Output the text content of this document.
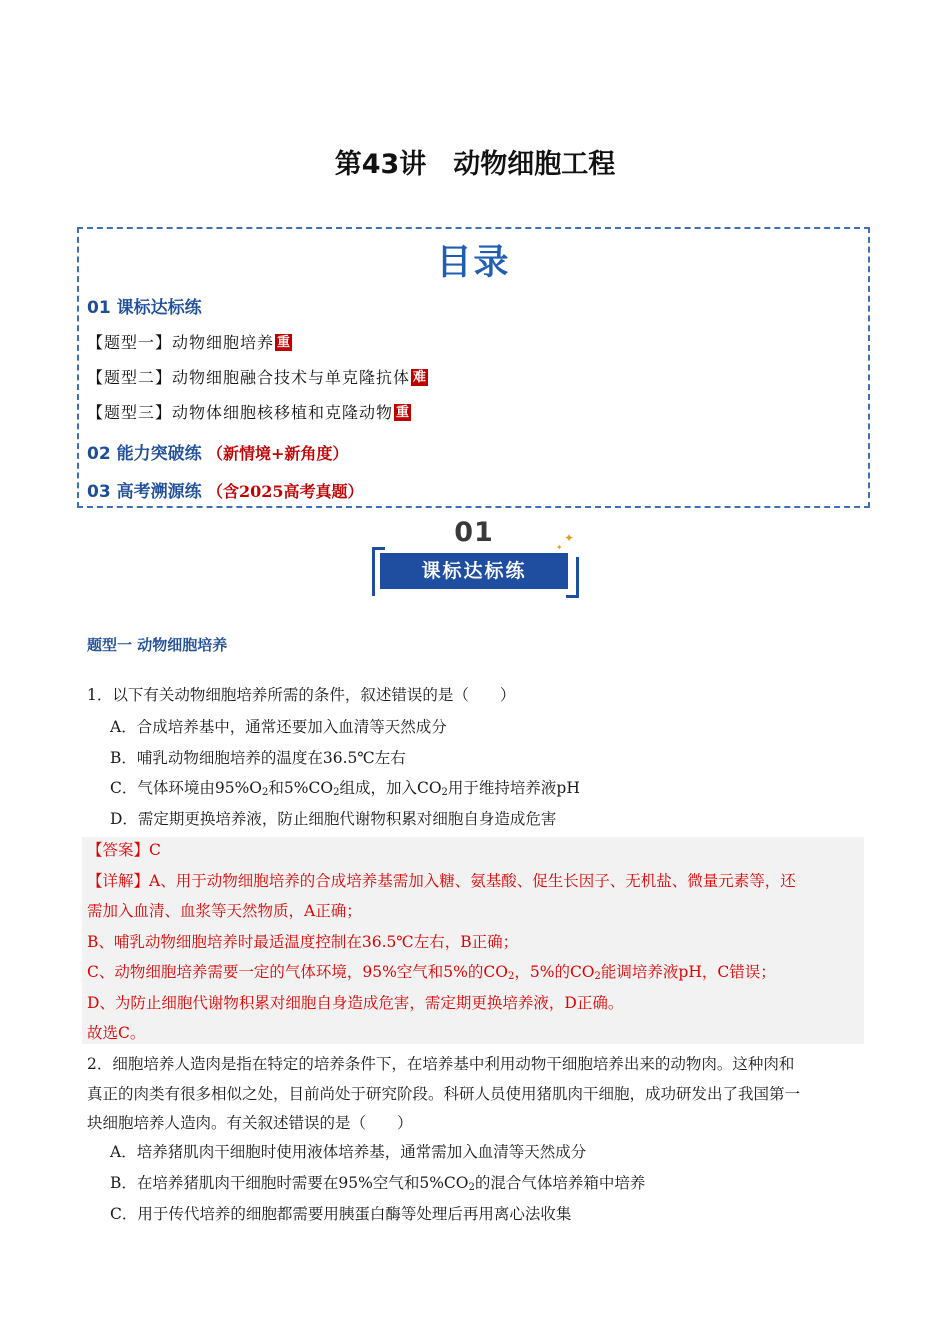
第43讲　动物细胞工程
目录
01 课标达标练
【题型一】动物细胞培养 重
【题型二】动物细胞融合技术与单克隆抗体 难
【题型三】动物体细胞核移植和克隆动物 重
02 能力突破练 （新情境+新角度）
03 高考溯源练 （含2025高考真题）
01
课标达标练
✦
✦
题型一 动物细胞培养
1．以下有关动物细胞培养所需的条件，叙述错误的是（　　）
A．合成培养基中，通常还要加入血清等天然成分
B．哺乳动物细胞培养的温度在36.5℃左右
C．气体环境由$95\%O_2$和$5\%CO_2$组成，加入$CO_2$用于维持培养液pH
D．需定期更换培养液，防止细胞代谢物积累对细胞自身造成危害
【答案】C
【详解】A、用于动物细胞培养的合成培养基需加入糖、氨基酸、促生长因子、无机盐、微量元素等，还
需加入血清、血浆等天然物质，A正确；
B、哺乳动物细胞培养时最适温度控制在36.5℃左右，B正确；
C、动物细胞培养需要一定的气体环境，95%空气和5%的$CO_2$，5%的$CO_2$能调培养液pH，C错误；
D、为防止细胞代谢物积累对细胞自身造成危害，需定期更换培养液，D正确。
故选C。
2．细胞培养人造肉是指在特定的培养条件下，在培养基中利用动物干细胞培养出来的动物肉。这种肉和
真正的肉类有很多相似之处，目前尚处于研究阶段。科研人员使用猪肌肉干细胞，成功研发出了我国第一
块细胞培养人造肉。有关叙述错误的是（　　）
A．培养猪肌肉干细胞时使用液体培养基，通常需加入血清等天然成分
B．在培养猪肌肉干细胞时需要在95%空气和$5\%CO_2$的混合气体培养箱中培养
C．用于传代培养的细胞都需要用胰蛋白酶等处理后再用离心法收集
